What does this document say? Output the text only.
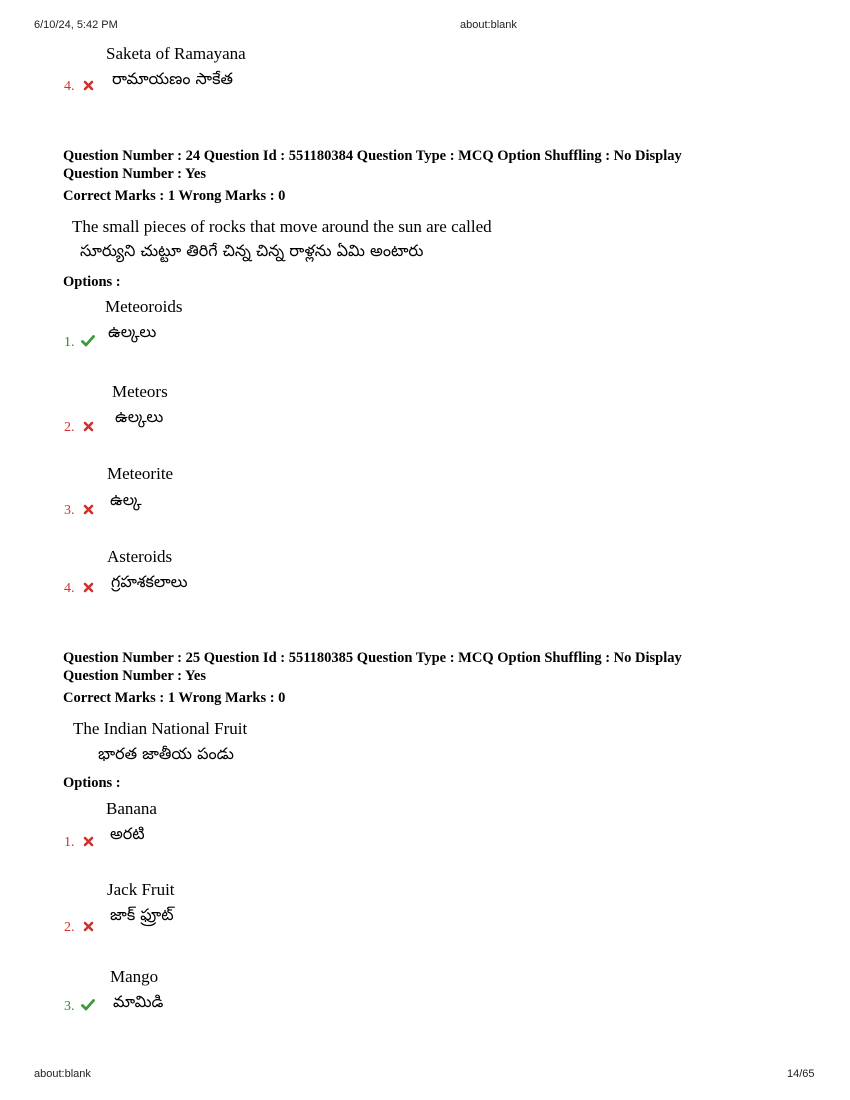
6/10/24, 5:42 PM	about:blank
Saketa of Ramayana
రామాయణం సాకేత
4.
Question Number : 24 Question Id : 551180384 Question Type : MCQ Option Shuffling : No Display
Question Number : Yes
Correct Marks : 1 Wrong Marks : 0
The small pieces of rocks that move around the sun are called
సూర్యుని చుట్టూ తిరిగే చిన్న చిన్న రాళ్లను ఏమి అంటారు
Options :
Meteoroids
ఉల్కలు
1.
Meteors
ఉల్కలు
2.
Meteorite
ఉల్క
3.
Asteroids
గ్రహశకలాలు
4.
Question Number : 25 Question Id : 551180385 Question Type : MCQ Option Shuffling : No Display
Question Number : Yes
Correct Marks : 1 Wrong Marks : 0
The Indian National Fruit
భారత జాతీయ పండు
Options :
Banana
అరటి
1.
Jack Fruit
జాక్ ఫ్రూట్
2.
Mango
మామిడి
3.
about:blank	14/65
